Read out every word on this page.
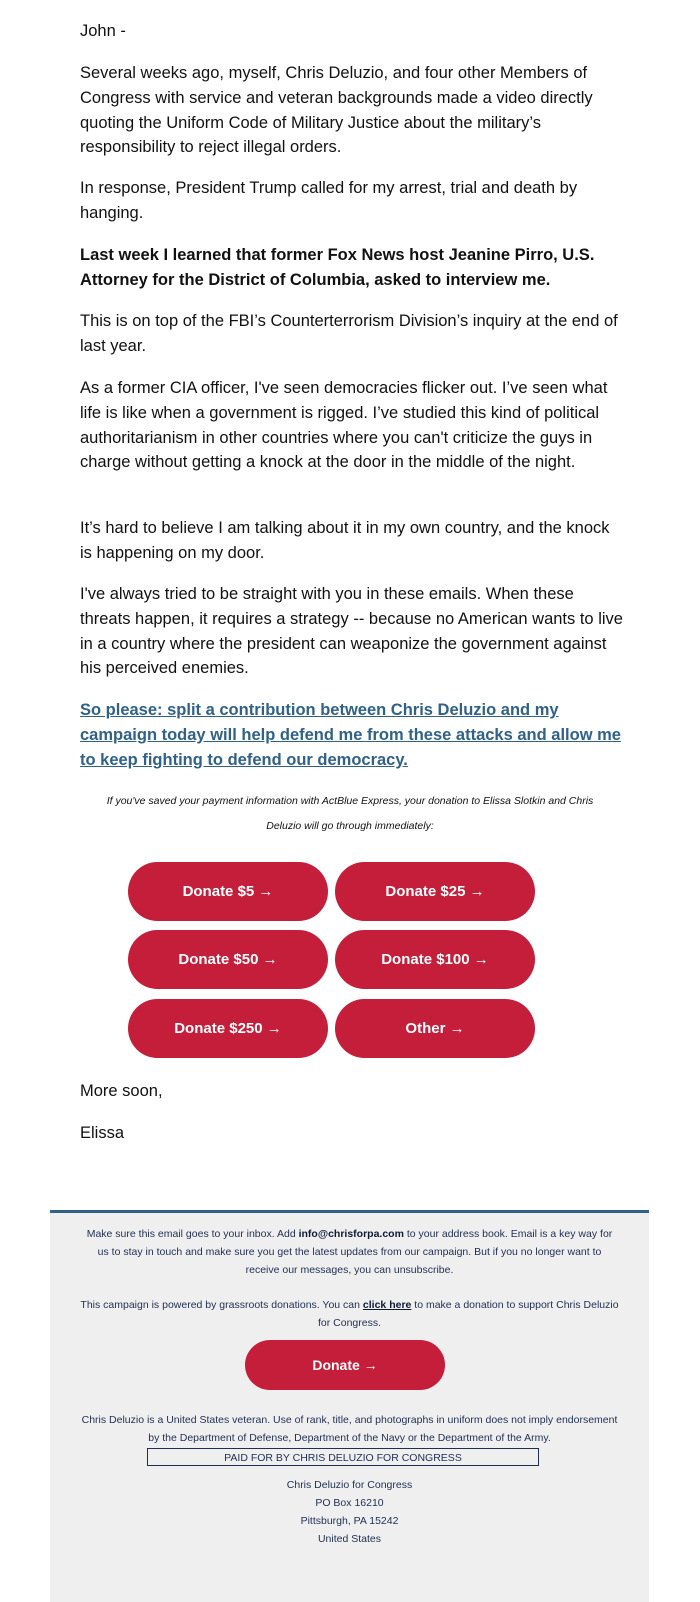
John -

Several weeks ago, myself, Chris Deluzio, and four other Members of Congress with service and veteran backgrounds made a video directly quoting the Uniform Code of Military Justice about the military’s responsibility to reject illegal orders.

In response, President Trump called for my arrest, trial and death by hanging.

Last week I learned that former Fox News host Jeanine Pirro, U.S. Attorney for the District of Columbia, asked to interview me.

This is on top of the FBI’s Counterterrorism Division’s inquiry at the end of last year.

As a former CIA officer, I've seen democracies flicker out. I’ve seen what life is like when a government is rigged. I’ve studied this kind of political authoritarianism in other countries where you can't criticize the guys in charge without getting a knock at the door in the middle of the night.

It’s hard to believe I am talking about it in my own country, and the knock is happening on my door.

I've always tried to be straight with you in these emails. When these threats happen, it requires a strategy -- because no American wants to live in a country where the president can weaponize the government against his perceived enemies.

So please: split a contribution between Chris Deluzio and my campaign today will help defend me from these attacks and allow me to keep fighting to defend our democracy.

If you've saved your payment information with ActBlue Express, your donation to Elissa Slotkin and Chris Deluzio will go through immediately:

Donate $5 →	Donate $25 →
Donate $50 →	Donate $100 →
Donate $250 →	Other →

More soon,

Elissa

Make sure this email goes to your inbox. Add info@chrisforpa.com to your address book. Email is a key way for us to stay in touch and make sure you get the latest updates from our campaign. But if you no longer want to receive our messages, you can unsubscribe.

This campaign is powered by grassroots donations. You can click here to make a donation to support Chris Deluzio for Congress.

Donate →

Chris Deluzio is a United States veteran. Use of rank, title, and photographs in uniform does not imply endorsement by the Department of Defense, Department of the Navy or the Department of the Army.

PAID FOR BY CHRIS DELUZIO FOR CONGRESS

Chris Deluzio for Congress
PO Box 16210
Pittsburgh, PA 15242
United States
